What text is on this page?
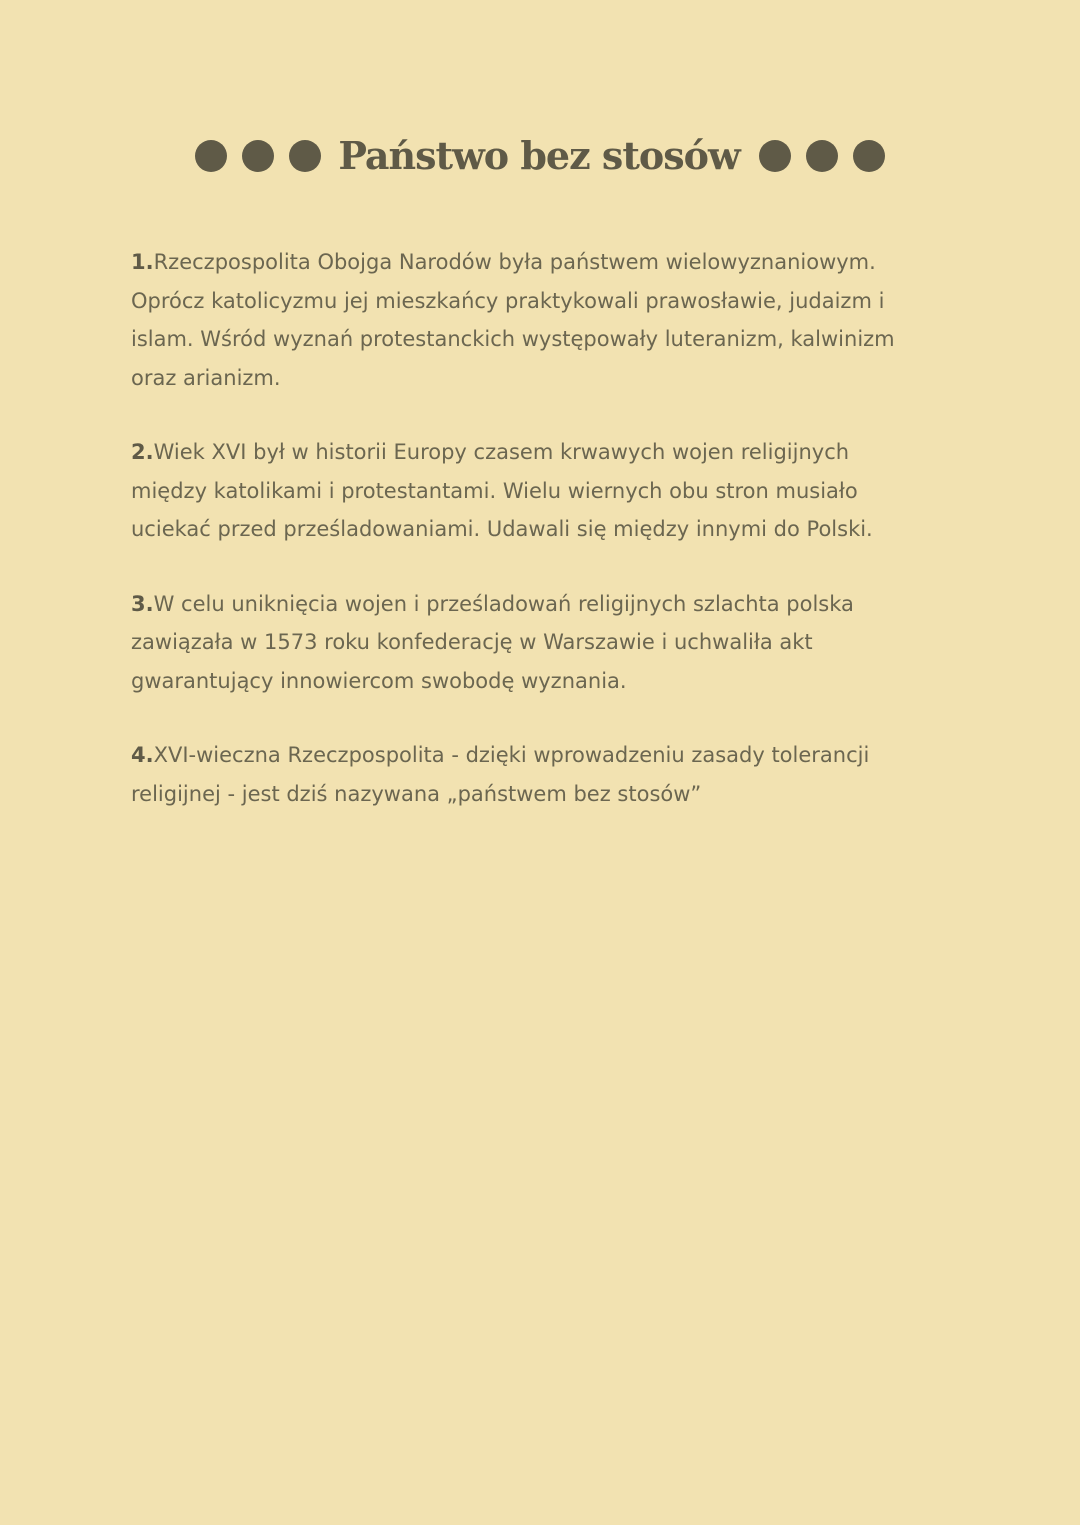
Państwo bez stosów

1.Rzeczpospolita Obojga Narodów była państwem wielowyznaniowym.
Oprócz katolicyzmu jej mieszkańcy praktykowali prawosławie, judaizm i
islam. Wśród wyznań protestanckich występowały luteranizm, kalwinizm
oraz arianizm.

2.Wiek XVI był w historii Europy czasem krwawych wojen religijnych
między katolikami i protestantami. Wielu wiernych obu stron musiało
uciekać przed prześladowaniami. Udawali się między innymi do Polski.

3.W celu uniknięcia wojen i prześladowań religijnych szlachta polska
zawiązała w 1573 roku konfederację w Warszawie i uchwaliła akt
gwarantujący innowiercom swobodę wyznania.

4.XVI-wieczna Rzeczpospolita - dzięki wprowadzeniu zasady tolerancji
religijnej - jest dziś nazywana „państwem bez stosów”
